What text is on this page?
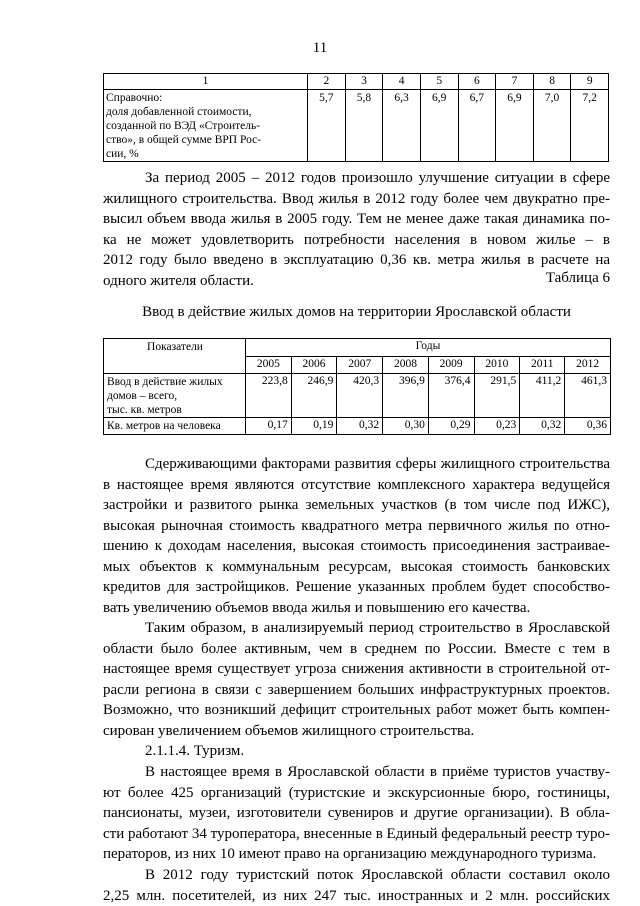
11
1	2	3	4	5	6	7	8	9

Справочно:
доля добавленной стоимости,
созданной по ВЭД «Строитель-
ство», в общей сумме ВРП Рос-
сии, %	5,7	5,8	6,3	6,9	6,7	6,9	7,0	7,2
За период 2005 – 2012 годов произошло улучшение ситуации в сфере
жилищного строительства. Ввод жилья в 2012 году более чем двукратно пре-
высил объем ввода жилья в 2005 году. Тем не менее даже такая динамика по-
ка не может удовлетворить потребности населения в новом жилье – в
2012 году было введено в эксплуатацию 0,36 кв. метра жилья в расчете на
одного жителя области.	Таблица 6
Ввод в действие жилых домов на территории Ярославской области
Показатели	Годы							
	2005	2006	2007	2008	2009	2010	2011	2012

Ввод в действие жилых
домов – всего,
тыс. кв. метров	223,8	246,9	420,3	396,9	376,4	291,5	411,2	461,3
Кв. метров на человека	0,17	0,19	0,32	0,30	0,29	0,23	0,32	0,36
Сдерживающими факторами развития сферы жилищного строительства
в настоящее время являются отсутствие комплексного характера ведущейся
застройки и развитого рынка земельных участков (в том числе под ИЖС),
высокая рыночная стоимость квадратного метра первичного жилья по отно-
шению к доходам населения, высокая стоимость присоединения застраивае-
мых объектов к коммунальным ресурсам, высокая стоимость банковских
кредитов для застройщиков. Решение указанных проблем будет способство-
вать увеличению объемов ввода жилья и повышению его качества.
Таким образом, в анализируемый период строительство в Ярославской
области было более активным, чем в среднем по России. Вместе с тем в
настоящее время существует угроза снижения активности в строительной от-
расли региона в связи с завершением больших инфраструктурных проектов.
Возможно, что возникший дефицит строительных работ может быть компен-
сирован увеличением объемов жилищного строительства.
2.1.1.4. Туризм.
В настоящее время в Ярославской области в приёме туристов участву-
ют более 425 организаций (туристские и экскурсионные бюро, гостиницы,
пансионаты, музеи, изготовители сувениров и другие организации). В обла-
сти работают 34 туроператора, внесенные в Единый федеральный реестр туро-
ператоров, из них 10 имеют право на организацию международного туризма.
В 2012 году туристский поток Ярославской области составил около
2,25 млн. посетителей, из них 247 тыс. иностранных и 2 млн. российских
